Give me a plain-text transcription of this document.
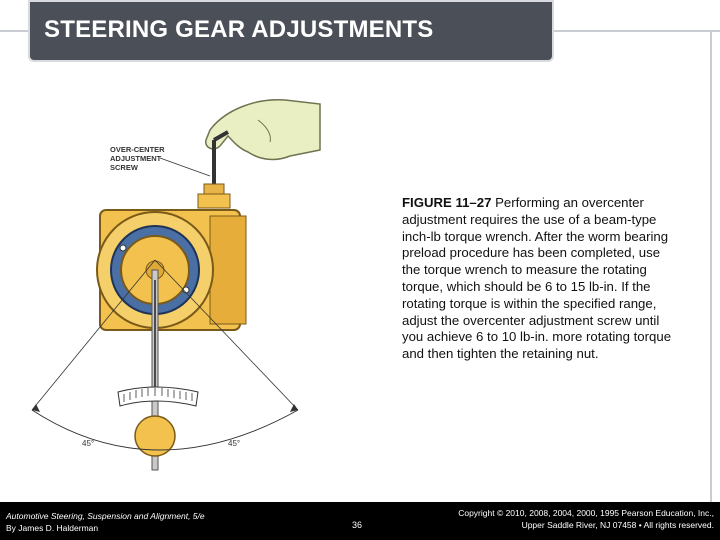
STEERING GEAR ADJUSTMENTS
OVER-CENTER
ADJUSTMENT
SCREW
45°	45°
FIGURE 11–27 Performing an overcenter adjustment requires the use of a beam-type inch-lb torque wrench. After the worm bearing preload procedure has been completed, use the torque wrench to measure the rotating torque, which should be 6 to 15 lb-in. If the rotating torque is within the specified range, adjust the overcenter adjustment screw until you achieve 6 to 10 lb-in. more rotating torque and then tighten the retaining nut.
Automotive Steering, Suspension and Alignment, 5/e
By James D. Halderman	36
Copyright © 2010, 2008, 2004, 2000, 1995 Pearson Education, Inc.,
Upper Saddle River, NJ 07458 • All rights reserved.
